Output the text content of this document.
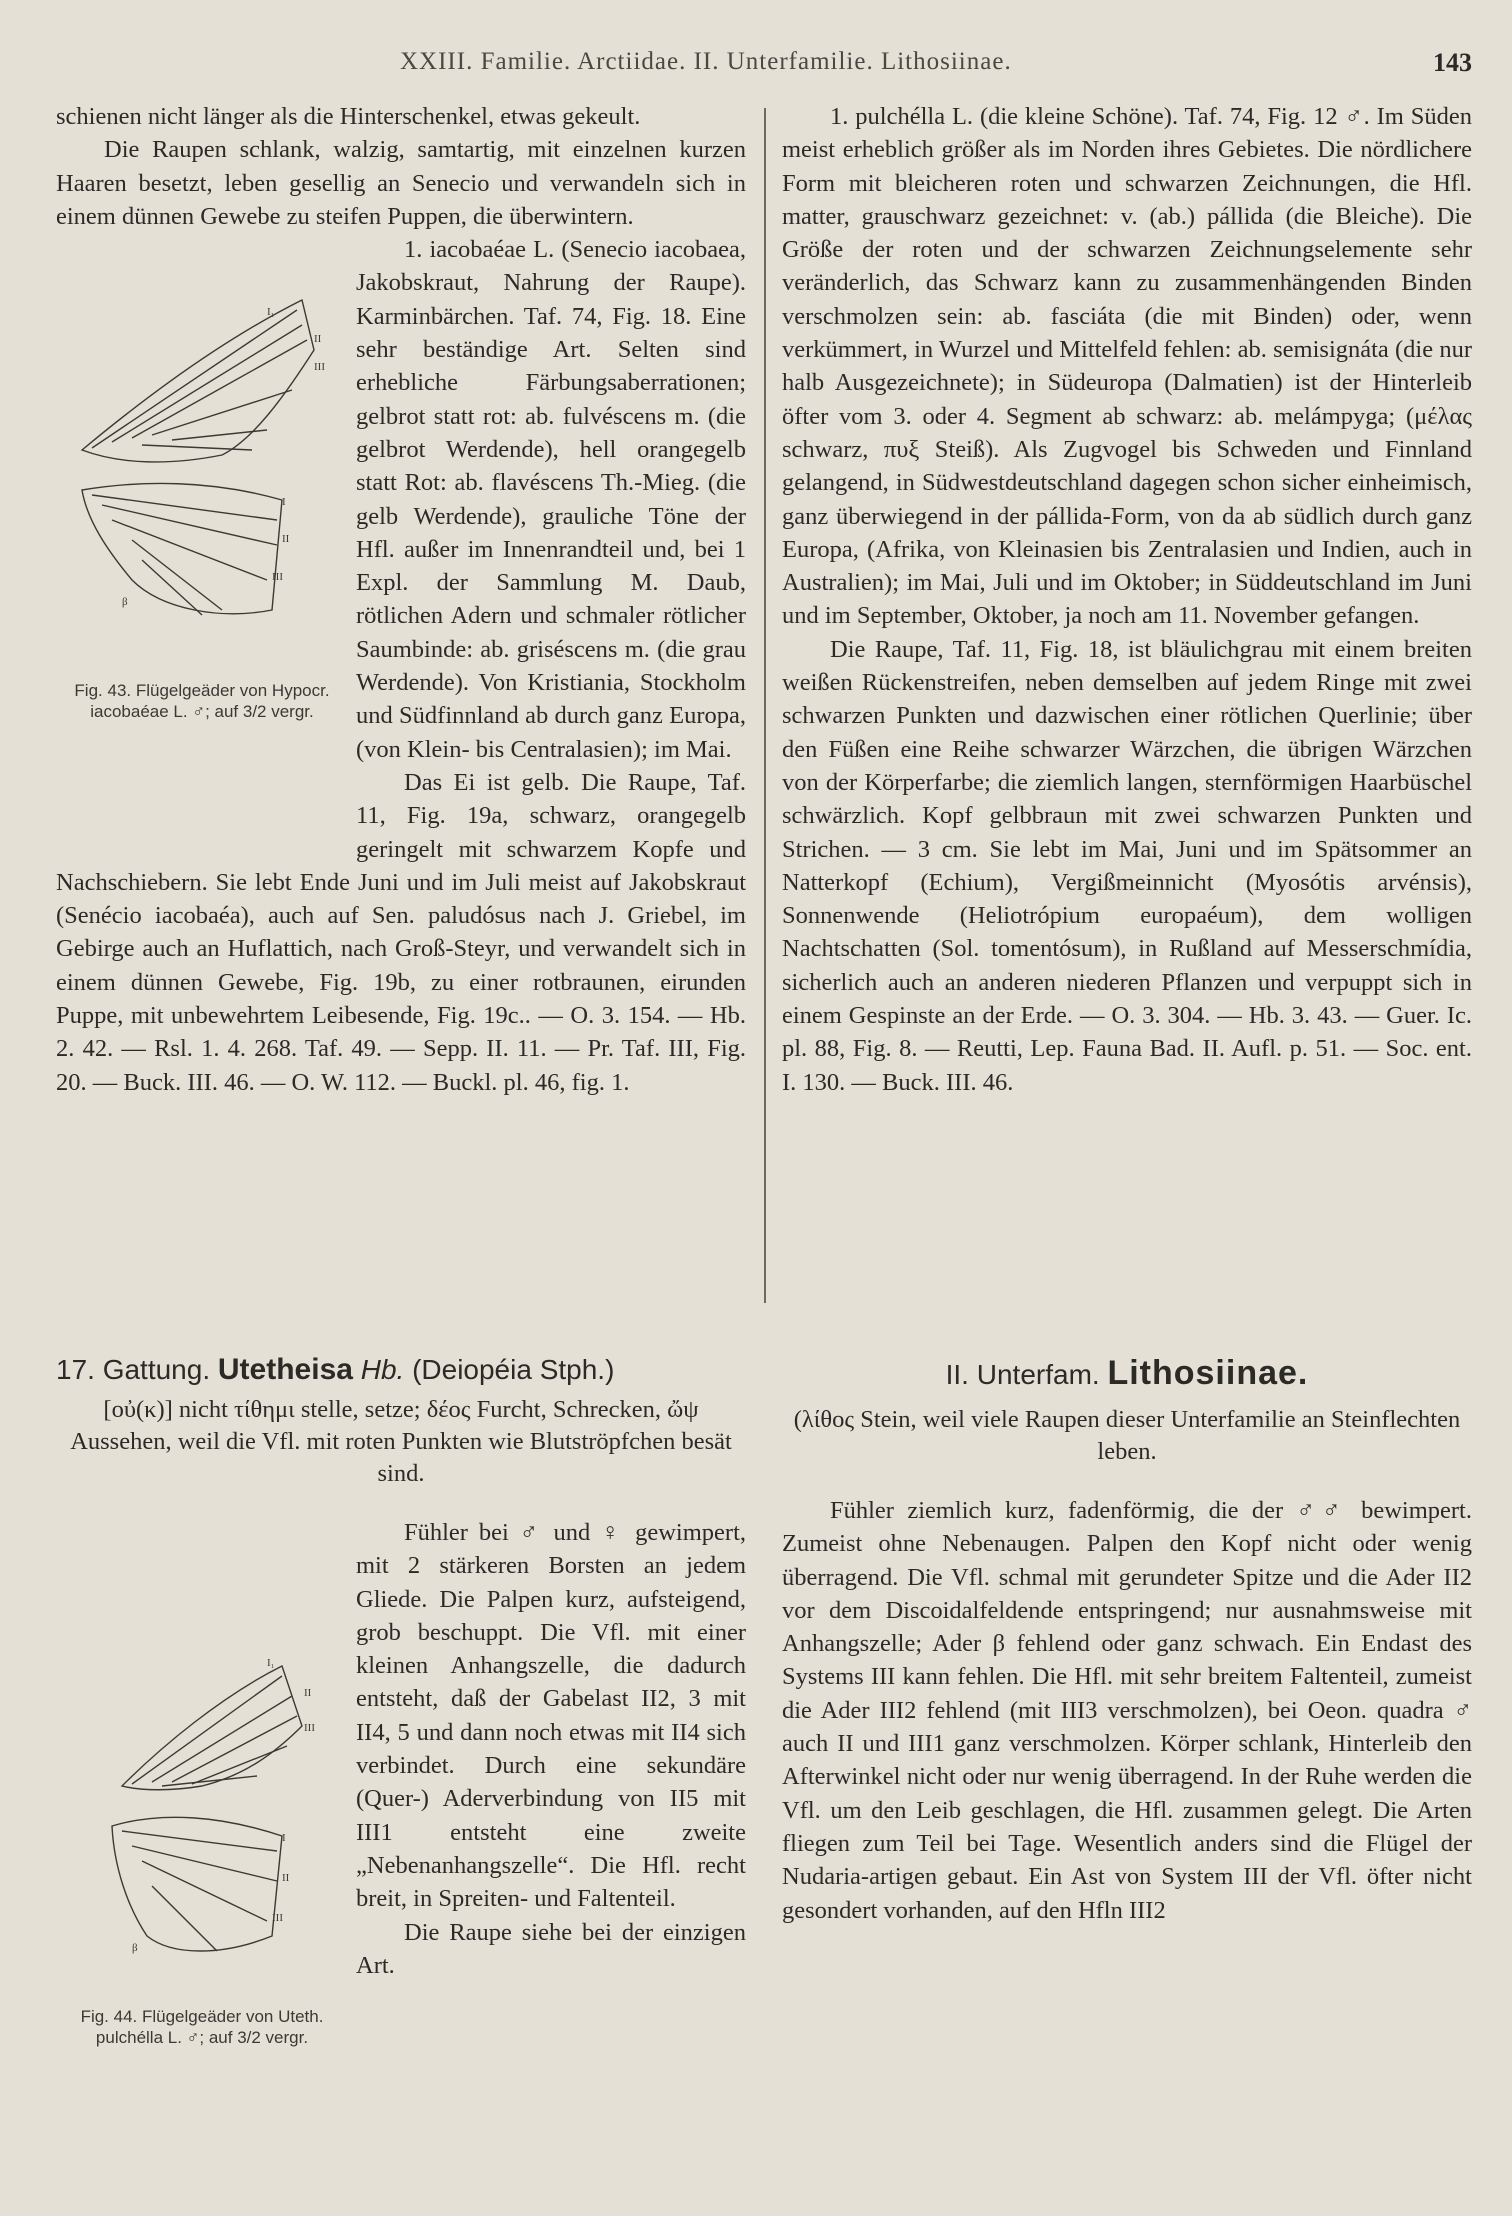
XXIII. Familie. Arctiidae. II. Unterfamilie. Lithosiinae.	143
I₁
II
III
I
II
III
β
Fig. 43. Flügelgeäder von Hypocr. iacobaéae L. ♂; auf 3/2 vergr.
I₁
II
III
I
II
III
β
Fig. 44. Flügelgeäder von Uteth. pulchélla L. ♂; auf 3/2 vergr.

schienen nicht länger als die Hinterschenkel, etwas gekeult.

Die Raupen schlank, walzig, samtartig, mit einzelnen kurzen Haaren besetzt, leben gesellig an Senecio und verwandeln sich in einem dünnen Gewebe zu steifen Puppen, die überwintern.

1. iacobaéae L. (Senecio iacobaea, Jakobskraut, Nahrung der Raupe). Karminbärchen. Taf. 74, Fig. 18. Eine sehr beständige Art. Selten sind erhebliche Färbungsaberrationen; gelbrot statt rot: ab. fulvéscens m. (die gelbrot Werdende), hell orangegelb statt Rot: ab. flavéscens Th.-Mieg. (die gelb Werdende), grauliche Töne der Hfl. außer im Innenrandteil und, bei 1 Expl. der Sammlung M. Daub, rötlichen Adern und schmaler rötlicher Saumbinde: ab. griséscens m. (die grau Werdende). Von Kristiania, Stockholm und Südfinnland ab durch ganz Europa, (von Klein- bis Centralasien); im Mai.

Das Ei ist gelb. Die Raupe, Taf. 11, Fig. 19a, schwarz, orangegelb geringelt mit schwarzem Kopfe und Nachschiebern. Sie lebt Ende Juni und im Juli meist auf Jakobskraut (Senécio iacobaéa), auch auf Sen. paludósus nach J. Griebel, im Gebirge auch an Huflattich, nach Groß-Steyr, und verwandelt sich in einem dünnen Gewebe, Fig. 19b, zu einer rotbraunen, eirunden Puppe, mit unbewehrtem Leibesende, Fig. 19c.. — O. 3. 154. — Hb. 2. 42. — Rsl. 1. 4. 268. Taf. 49. — Sepp. II. 11. — Pr. Taf. III, Fig. 20. — Buck. III. 46. — O. W. 112. — Buckl. pl. 46, fig. 1.

1. pulchélla L. (die kleine Schöne). Taf. 74, Fig. 12 ♂. Im Süden meist erheblich größer als im Norden ihres Gebietes. Die nördlichere Form mit bleicheren roten und schwarzen Zeichnungen, die Hfl. matter, grauschwarz gezeichnet: v. (ab.) pállida (die Bleiche). Die Größe der roten und der schwarzen Zeichnungselemente sehr veränderlich, das Schwarz kann zu zusammenhängenden Binden verschmolzen sein: ab. fasciáta (die mit Binden) oder, wenn verkümmert, in Wurzel und Mittelfeld fehlen: ab. semisignáta (die nur halb Ausgezeichnete); in Südeuropa (Dalmatien) ist der Hinterleib öfter vom 3. oder 4. Segment ab schwarz: ab. melámpyga; (μέλας schwarz, πυξ Steiß). Als Zugvogel bis Schweden und Finnland gelangend, in Südwestdeutschland dagegen schon sicher einheimisch, ganz überwiegend in der pállida-Form, von da ab südlich durch ganz Europa, (Afrika, von Kleinasien bis Zentralasien und Indien, auch in Australien); im Mai, Juli und im Oktober; in Süddeutschland im Juni und im September, Oktober, ja noch am 11. November gefangen.

Die Raupe, Taf. 11, Fig. 18, ist bläulichgrau mit einem breiten weißen Rückenstreifen, neben demselben auf jedem Ringe mit zwei schwarzen Punkten und dazwischen einer rötlichen Querlinie; über den Füßen eine Reihe schwarzer Wärzchen, die übrigen Wärzchen von der Körperfarbe; die ziemlich langen, sternförmigen Haarbüschel schwärzlich. Kopf gelbbraun mit zwei schwarzen Punkten und Strichen. — 3 cm. Sie lebt im Mai, Juni und im Spätsommer an Natterkopf (Echium), Vergißmeinnicht (Myosótis arvénsis), Sonnenwende (Heliotrópium europaéum), dem wolligen Nachtschatten (Sol. tomentósum), in Rußland auf Messerschmídia, sicherlich auch an anderen niederen Pflanzen und verpuppt sich in einem Gespinste an der Erde. — O. 3. 304. — Hb. 3. 43. — Guer. Ic. pl. 88, Fig. 8. — Reutti, Lep. Fauna Bad. II. Aufl. p. 51. — Soc. ent. I. 130. — Buck. III. 46.

17. Gattung. Utetheisa Hb. (Deiopéia Stph.)

[οὐ(κ)] nicht τίθημι stelle, setze; δέος Furcht, Schrecken, ὤψ Aussehen, weil die Vfl. mit roten Punkten wie Blutströpfchen besät sind.

Fühler bei ♂ und ♀ gewimpert, mit 2 stärkeren Borsten an jedem Gliede. Die Palpen kurz, aufsteigend, grob beschuppt. Die Vfl. mit einer kleinen Anhangszelle, die dadurch entsteht, daß der Gabelast II2, 3 mit II4, 5 und dann noch etwas mit II4 sich verbindet. Durch eine sekundäre (Quer-) Aderverbindung von II5 mit III1 entsteht eine zweite „Nebenanhangszelle“. Die Hfl. recht breit, in Spreiten- und Faltenteil.

Die Raupe siehe bei der einzigen Art.

II. Unterfam. Lithosiinae.

(λίθος Stein, weil viele Raupen dieser Unterfamilie an Steinflechten leben.

Fühler ziemlich kurz, fadenförmig, die der ♂♂ bewimpert. Zumeist ohne Nebenaugen. Palpen den Kopf nicht oder wenig überragend. Die Vfl. schmal mit gerundeter Spitze und die Ader II2 vor dem Discoidalfeldende entspringend; nur ausnahmsweise mit Anhangszelle; Ader β fehlend oder ganz schwach. Ein Endast des Systems III kann fehlen. Die Hfl. mit sehr breitem Faltenteil, zumeist die Ader III2 fehlend (mit III3 verschmolzen), bei Oeon. quadra ♂ auch II und III1 ganz verschmolzen. Körper schlank, Hinterleib den Afterwinkel nicht oder nur wenig überragend. In der Ruhe werden die Vfl. um den Leib geschlagen, die Hfl. zusammen gelegt. Die Arten fliegen zum Teil bei Tage. Wesentlich anders sind die Flügel der Nudaria-artigen gebaut. Ein Ast von System III der Vfl. öfter nicht gesondert vorhanden, auf den Hfln III2
